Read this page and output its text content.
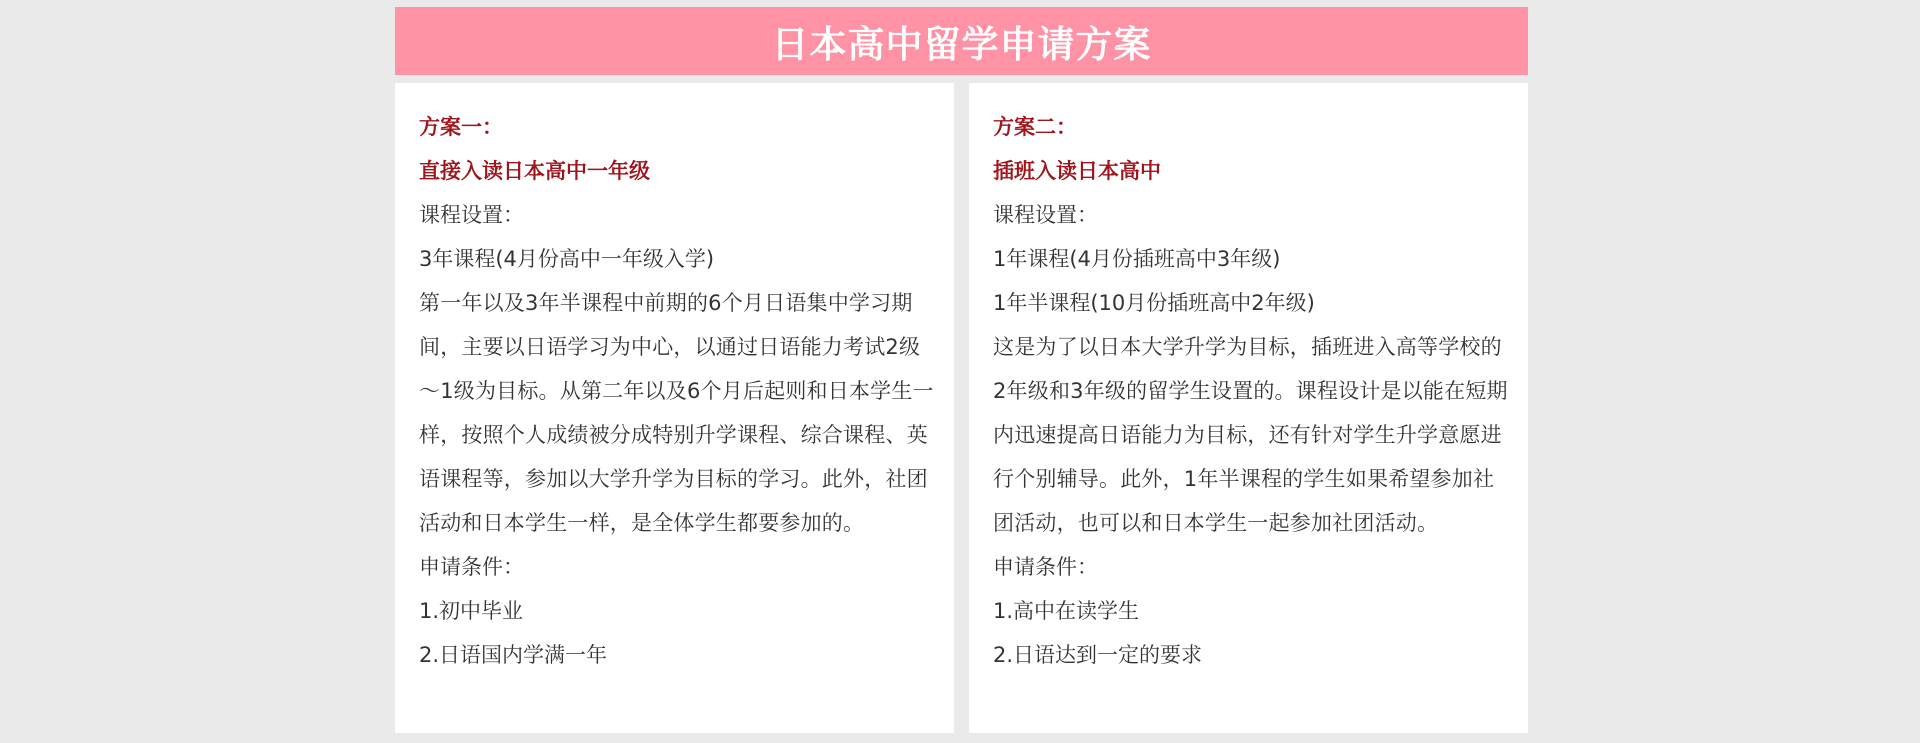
日本高中留学申请方案
方案一：
直接入读日本高中一年级
课程设置：
3年课程(4月份高中一年级入学)
第一年以及3年半课程中前期的6个月日语集中学习期间，主要以日语学习为中心，以通过日语能力考试2级～1级为目标。从第二年以及6个月后起则和日本学生一样，按照个人成绩被分成特别升学课程、综合课程、英语课程等，参加以大学升学为目标的学习。此外，社团活动和日本学生一样，是全体学生都要参加的。
申请条件：
1.初中毕业
2.日语国内学满一年
方案二：
插班入读日本高中
课程设置：
1年课程(4月份插班高中3年级)
1年半课程(10月份插班高中2年级)
这是为了以日本大学升学为目标，插班进入高等学校的2年级和3年级的留学生设置的。课程设计是以能在短期内迅速提高日语能力为目标，还有针对学生升学意愿进行个别辅导。此外，1年半课程的学生如果希望参加社团活动，也可以和日本学生一起参加社团活动。
申请条件：
1.高中在读学生
2.日语达到一定的要求
